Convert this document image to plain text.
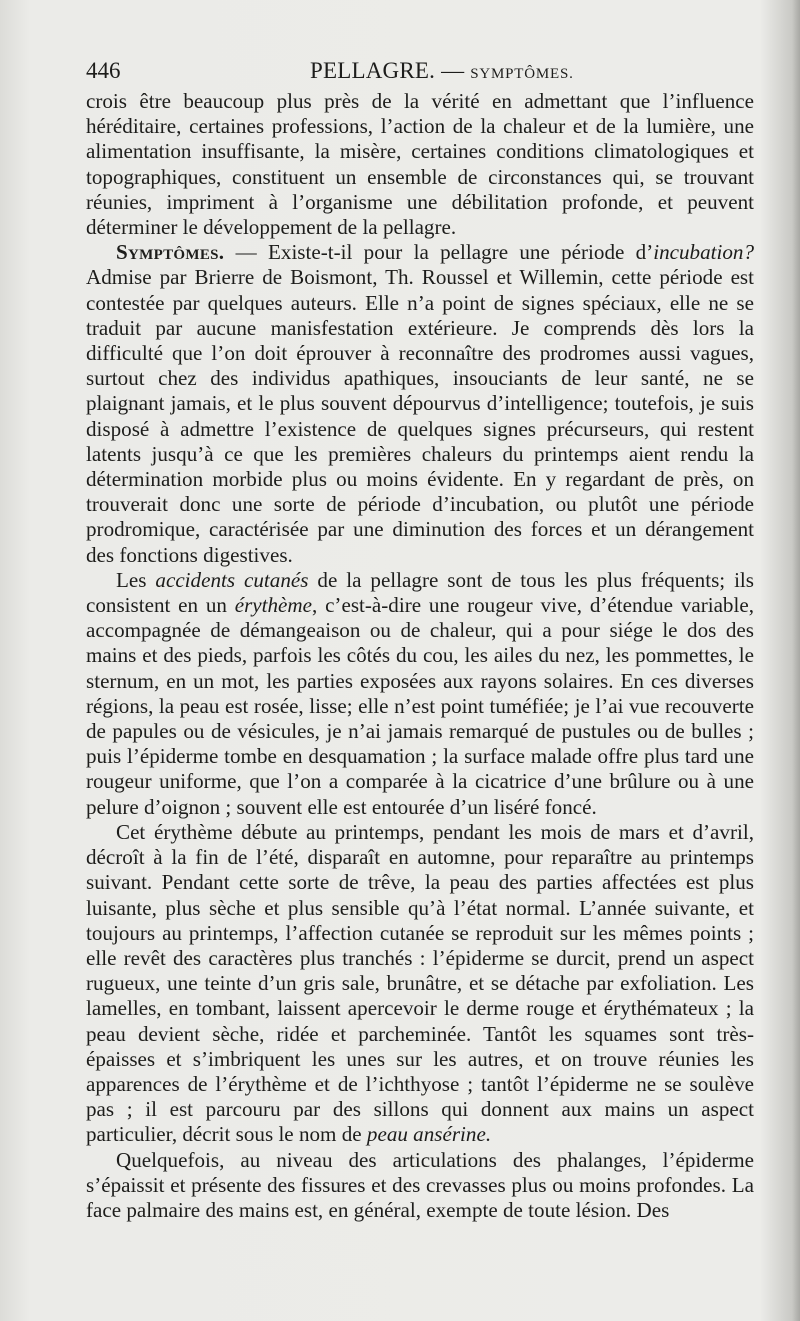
446	PELLAGRE. — SYMPTÔMES.

crois être beaucoup plus près de la vérité en admettant que l’influence héréditaire, certaines professions, l’action de la chaleur et de la lumière, une alimentation insuffisante, la misère, certaines conditions climatologiques et topographiques, constituent un ensemble de circonstances qui, se trouvant réunies, impriment à l’organisme une débilitation profonde, et peuvent déterminer le développement de la pellagre.

Symptômes. — Existe-t-il pour la pellagre une période d’incubation? Admise par Brierre de Boismont, Th. Roussel et Willemin, cette période est contestée par quelques auteurs. Elle n’a point de signes spéciaux, elle ne se traduit par aucune manisfestation extérieure. Je comprends dès lors la difficulté que l’on doit éprouver à reconnaître des prodromes aussi vagues, surtout chez des individus apathiques, insouciants de leur santé, ne se plaignant jamais, et le plus souvent dépourvus d’intelligence; toutefois, je suis disposé à admettre l’existence de quelques signes précurseurs, qui restent latents jusqu’à ce que les premières chaleurs du printemps aient rendu la détermination morbide plus ou moins évidente. En y regardant de près, on trouverait donc une sorte de période d’incubation, ou plutôt une période prodromique, caractérisée par une diminution des forces et un dérangement des fonctions digestives.

Les accidents cutanés de la pellagre sont de tous les plus fréquents; ils consistent en un érythème, c’est-à-dire une rougeur vive, d’étendue variable, accompagnée de démangeaison ou de chaleur, qui a pour siége le dos des mains et des pieds, parfois les côtés du cou, les ailes du nez, les pommettes, le sternum, en un mot, les parties exposées aux rayons solaires. En ces diverses régions, la peau est rosée, lisse; elle n’est point tuméfiée; je l’ai vue recouverte de papules ou de vésicules, je n’ai jamais remarqué de pustules ou de bulles ; puis l’épiderme tombe en desquamation ; la surface malade offre plus tard une rougeur uniforme, que l’on a comparée à la cicatrice d’une brûlure ou à une pelure d’oignon ; souvent elle est entourée d’un liséré foncé.

Cet érythème débute au printemps, pendant les mois de mars et d’avril, décroît à la fin de l’été, disparaît en automne, pour reparaître au printemps suivant. Pendant cette sorte de trêve, la peau des parties affectées est plus luisante, plus sèche et plus sensible qu’à l’état normal. L’année suivante, et toujours au printemps, l’affection cutanée se reproduit sur les mêmes points ; elle revêt des caractères plus tranchés : l’épiderme se durcit, prend un aspect rugueux, une teinte d’un gris sale, brunâtre, et se détache par exfoliation. Les lamelles, en tombant, laissent apercevoir le derme rouge et érythémateux ; la peau devient sèche, ridée et parcheminée. Tantôt les squames sont très-épaisses et s’imbriquent les unes sur les autres, et on trouve réunies les apparences de l’érythème et de l’ichthyose ; tantôt l’épiderme ne se soulève pas ; il est parcouru par des sillons qui donnent aux mains un aspect particulier, décrit sous le nom de peau ansérine.

Quelquefois, au niveau des articulations des phalanges, l’épiderme s’épaissit et présente des fissures et des crevasses plus ou moins profondes. La face palmaire des mains est, en général, exempte de toute lésion. Des
